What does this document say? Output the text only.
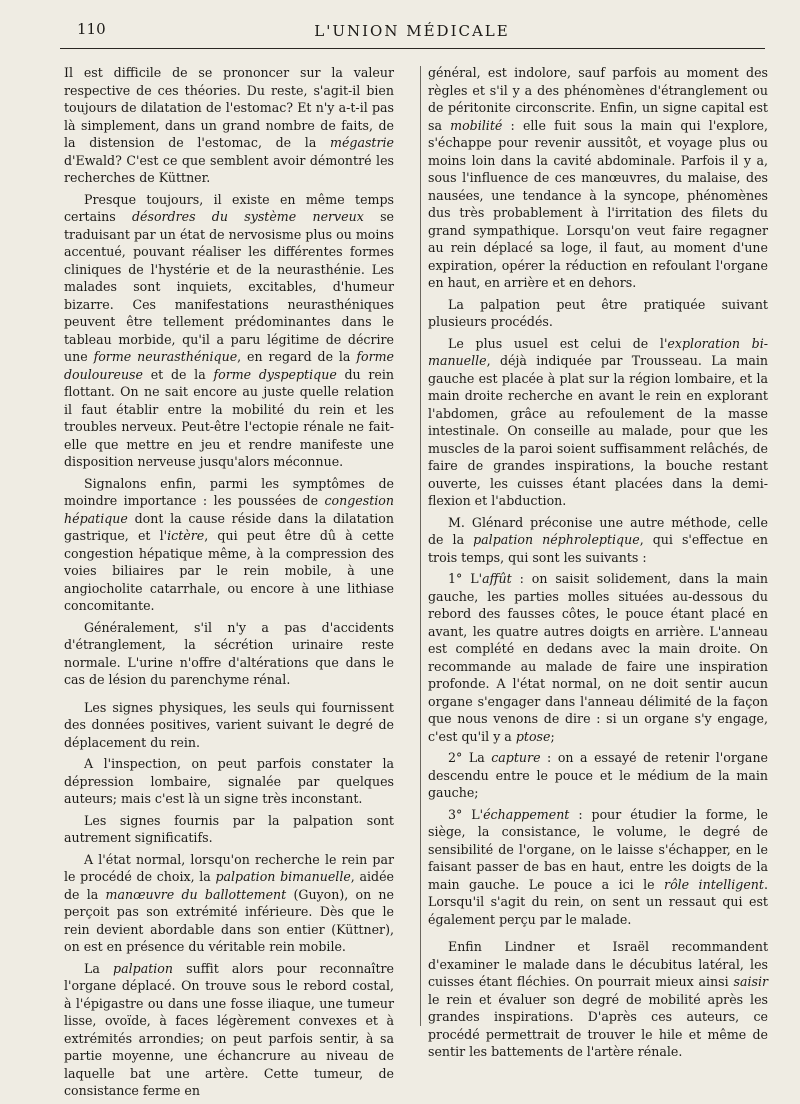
110	L'UNION MÉDICALE

Il est difficile de se prononcer sur la valeur respective de ces théories. Du reste, s'agit-il bien toujours de dilatation de l'estomac? Et n'y a-t-il pas là simplement, dans un grand nombre de faits, de la distension de l'estomac, de la mégastrie d'Ewald? C'est ce que semblent avoir démontré les recherches de Küttner.

Presque toujours, il existe en même temps certains désordres du système nerveux se traduisant par un état de nervosisme plus ou moins accentué, pouvant réaliser les différentes formes cliniques de l'hystérie et de la neurasthénie. Les malades sont inquiets, excitables, d'humeur bizarre. Ces manifestations neurasthéniques peuvent être tellement prédominantes dans le tableau morbide, qu'il a paru légitime de décrire une forme neurasthénique, en regard de la forme douloureuse et de la forme dyspeptique du rein flottant. On ne sait encore au juste quelle relation il faut établir entre la mobilité du rein et les troubles nerveux. Peut-être l'ectopie rénale ne fait-elle que mettre en jeu et rendre manifeste une disposition nerveuse jusqu'alors méconnue.

Signalons enfin, parmi les symptômes de moindre importance : les poussées de congestion hépatique dont la cause réside dans la dilatation gastrique, et l'ictère, qui peut être dû à cette congestion hépatique même, à la compression des voies biliaires par le rein mobile, à une angiocholite catarrhale, ou encore à une lithiase concomitante.

Généralement, s'il n'y a pas d'accidents d'étranglement, la sécrétion urinaire reste normale. L'urine n'offre d'altérations que dans le cas de lésion du parenchyme rénal.

Les signes physiques, les seuls qui fournissent des données positives, varient suivant le degré de déplacement du rein.

A l'inspection, on peut parfois constater la dépression lombaire, signalée par quelques auteurs; mais c'est là un signe très inconstant.

Les signes fournis par la palpation sont autrement significatifs.

A l'état normal, lorsqu'on recherche le rein par le procédé de choix, la palpation bimanuelle, aidée de la manœuvre du ballottement (Guyon), on ne perçoit pas son extrémité inférieure. Dès que le rein devient abordable dans son entier (Küttner), on est en présence du véritable rein mobile.

La palpation suffit alors pour reconnaître l'organe déplacé. On trouve sous le rebord costal, à l'épigastre ou dans une fosse iliaque, une tumeur lisse, ovoïde, à faces légèrement convexes et à extrémités arrondies; on peut parfois sentir, à sa partie moyenne, une échancrure au niveau de laquelle bat une artère. Cette tumeur, de consistance ferme en

général, est indolore, sauf parfois au moment des règles et s'il y a des phénomènes d'étranglement ou de péritonite circonscrite. Enfin, un signe capital est sa mobilité : elle fuit sous la main qui l'explore, s'échappe pour revenir aussitôt, et voyage plus ou moins loin dans la cavité abdominale. Parfois il y a, sous l'influence de ces manœuvres, du malaise, des nausées, une tendance à la syncope, phénomènes dus très probablement à l'irritation des filets du grand sympathique. Lorsqu'on veut faire regagner au rein déplacé sa loge, il faut, au moment d'une expiration, opérer la réduction en refoulant l'organe en haut, en arrière et en dehors.

La palpation peut être pratiquée suivant plusieurs procédés.

Le plus usuel est celui de l'exploration bi-manuelle, déjà indiquée par Trousseau. La main gauche est placée à plat sur la région lombaire, et la main droite recherche en avant le rein en explorant l'abdomen, grâce au refoulement de la masse intestinale. On conseille au malade, pour que les muscles de la paroi soient suffisamment relâchés, de faire de grandes inspirations, la bouche restant ouverte, les cuisses étant placées dans la demi-flexion et l'abduction.

M. Glénard préconise une autre méthode, celle de la palpation néphroleptique, qui s'effectue en trois temps, qui sont les suivants :

1° L'affût : on saisit solidement, dans la main gauche, les parties molles situées au-dessous du rebord des fausses côtes, le pouce étant placé en avant, les quatre autres doigts en arrière. L'anneau est complété en dedans avec la main droite. On recommande au malade de faire une inspiration profonde. A l'état normal, on ne doit sentir aucun organe s'engager dans l'anneau délimité de la façon que nous venons de dire : si un organe s'y engage, c'est qu'il y a ptose;

2° La capture : on a essayé de retenir l'organe descendu entre le pouce et le médium de la main gauche;

3° L'échappement : pour étudier la forme, le siège, la consistance, le volume, le degré de sensibilité de l'organe, on le laisse s'échapper, en le faisant passer de bas en haut, entre les doigts de la main gauche. Le pouce a ici le rôle intelligent. Lorsqu'il s'agit du rein, on sent un ressaut qui est également perçu par le malade.

Enfin Lindner et Israël recommandent d'examiner le malade dans le décubitus latéral, les cuisses étant fléchies. On pourrait mieux ainsi saisir le rein et évaluer son degré de mobilité après les grandes inspirations. D'après ces auteurs, ce procédé permettrait de trouver le hile et même de sentir les battements de l'artère rénale.
